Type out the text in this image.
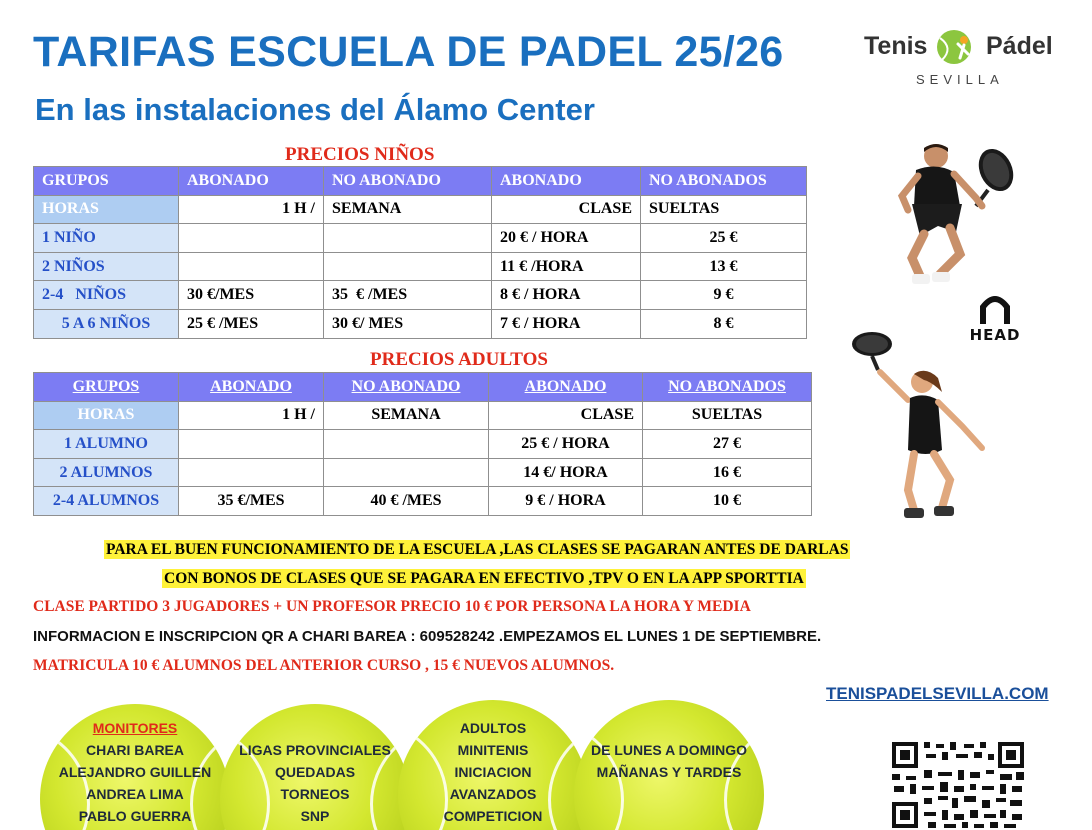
TARIFAS ESCUELA DE PADEL 25/26
En las instalaciones del Álamo Center
Tenis Pádel
SEVILLA
PRECIOS NIÑOS
GRUPOS	ABONADO	NO ABONADO	ABONADO	NO ABONADOS
HORAS	1 H /	SEMANA	CLASE	SUELTAS
1 NIÑO			20 € / HORA	25 €
2 NIÑOS			11 € /HORA	13 €
2-4   NIÑOS	30 €/MES	35  € /MES	8 € / HORA	9 €
5 A 6 NIÑOS	25 € /MES	30 €/ MES	7 € / HORA	8 €
PRECIOS ADULTOS
GRUPOS	ABONADO	NO ABONADO	ABONADO	NO ABONADOS
HORAS	1 H /	SEMANA	CLASE	SUELTAS
1 ALUMNO			25 € / HORA	27 €
2 ALUMNOS			14 €/ HORA	16 €
2-4 ALUMNOS	35 €/MES	40 € /MES	9 € / HORA	10 €
HEAD
PARA EL BUEN FUNCIONAMIENTO DE LA ESCUELA ,LAS CLASES SE PAGARAN ANTES DE DARLAS
CON BONOS DE CLASES QUE SE PAGARA EN EFECTIVO ,TPV O EN LA APP SPORTTIA
CLASE PARTIDO 3 JUGADORES + UN PROFESOR PRECIO 10 € POR PERSONA LA HORA Y MEDIA
INFORMACION E INSCRIPCION QR A CHARI BAREA : 609528242 .EMPEZAMOS EL LUNES 1 DE SEPTIEMBRE.
MATRICULA 10 € ALUMNOS DEL ANTERIOR CURSO , 15 € NUEVOS ALUMNOS.
TENISPADELSEVILLA.COM
MONITORES
CHARI BAREA
ALEJANDRO GUILLEN
ANDREA LIMA
PABLO GUERRA
LIGAS PROVINCIALES
QUEDADAS
TORNEOS
SNP
ADULTOS
MINITENIS
INICIACION
AVANZADOS
COMPETICION
DE LUNES A DOMINGO
MAÑANAS Y TARDES
